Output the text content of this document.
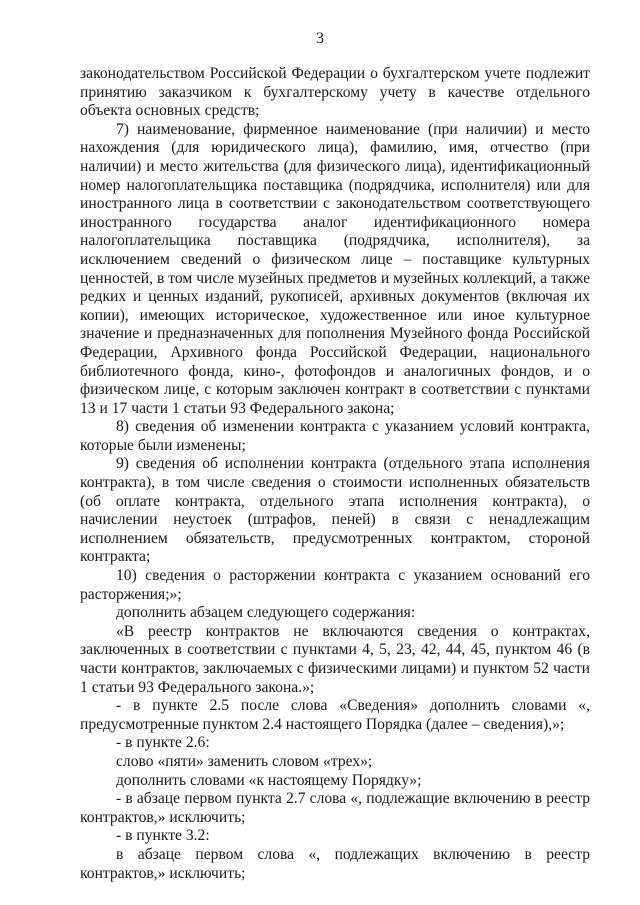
3

законодательством Российской Федерации о бухгалтерском учете подлежит принятию заказчиком к бухгалтерскому учету в качестве отдельного объекта основных средств;

7) наименование, фирменное наименование (при наличии) и место нахождения (для юридического лица), фамилию, имя, отчество (при наличии) и место жительства (для физического лица), идентификационный номер налогоплательщика поставщика (подрядчика, исполнителя) или для иностранного лица в соответствии с законодательством соответствующего иностранного государства аналог идентификационного номера налогоплательщика поставщика (подрядчика, исполнителя), за исключением сведений о физическом лице – поставщике культурных ценностей, в том числе музейных предметов и музейных коллекций, а также редких и ценных изданий, рукописей, архивных документов (включая их копии), имеющих историческое, художественное или иное культурное значение и предназначенных для пополнения Музейного фонда Российской Федерации, Архивного фонда Российской Федерации, национального библиотечного фонда, кино-, фотофондов и аналогичных фондов, и о физическом лице, с которым заключен контракт в соответствии с пунктами 13 и 17 части 1 статьи 93 Федерального закона;

8) сведения об изменении контракта с указанием условий контракта, которые были изменены;

9) сведения об исполнении контракта (отдельного этапа исполнения контракта), в том числе сведения о стоимости исполненных обязательств (об оплате контракта, отдельного этапа исполнения контракта), о начислении неустоек (штрафов, пеней) в связи с ненадлежащим исполнением обязательств, предусмотренных контрактом, стороной контракта;

10) сведения о расторжении контракта с указанием оснований его расторжения;»;

дополнить абзацем следующего содержания:

«В реестр контрактов не включаются сведения о контрактах, заключенных в соответствии с пунктами 4, 5, 23, 42, 44, 45, пунктом 46 (в части контрактов, заключаемых с физическими лицами) и пунктом 52 части 1 статьи 93 Федерального закона.»;

- в пункте 2.5 после слова «Сведения» дополнить словами «, предусмотренные пунктом 2.4 настоящего Порядка (далее – сведения),»;

- в пункте 2.6:

слово «пяти» заменить словом «трех»;

дополнить словами «к настоящему Порядку»;

- в абзаце первом пункта 2.7 слова «, подлежащие включению в реестр контрактов,» исключить;

- в пункте 3.2:

в абзаце первом слова «, подлежащих включению в реестр контрактов,» исключить;
